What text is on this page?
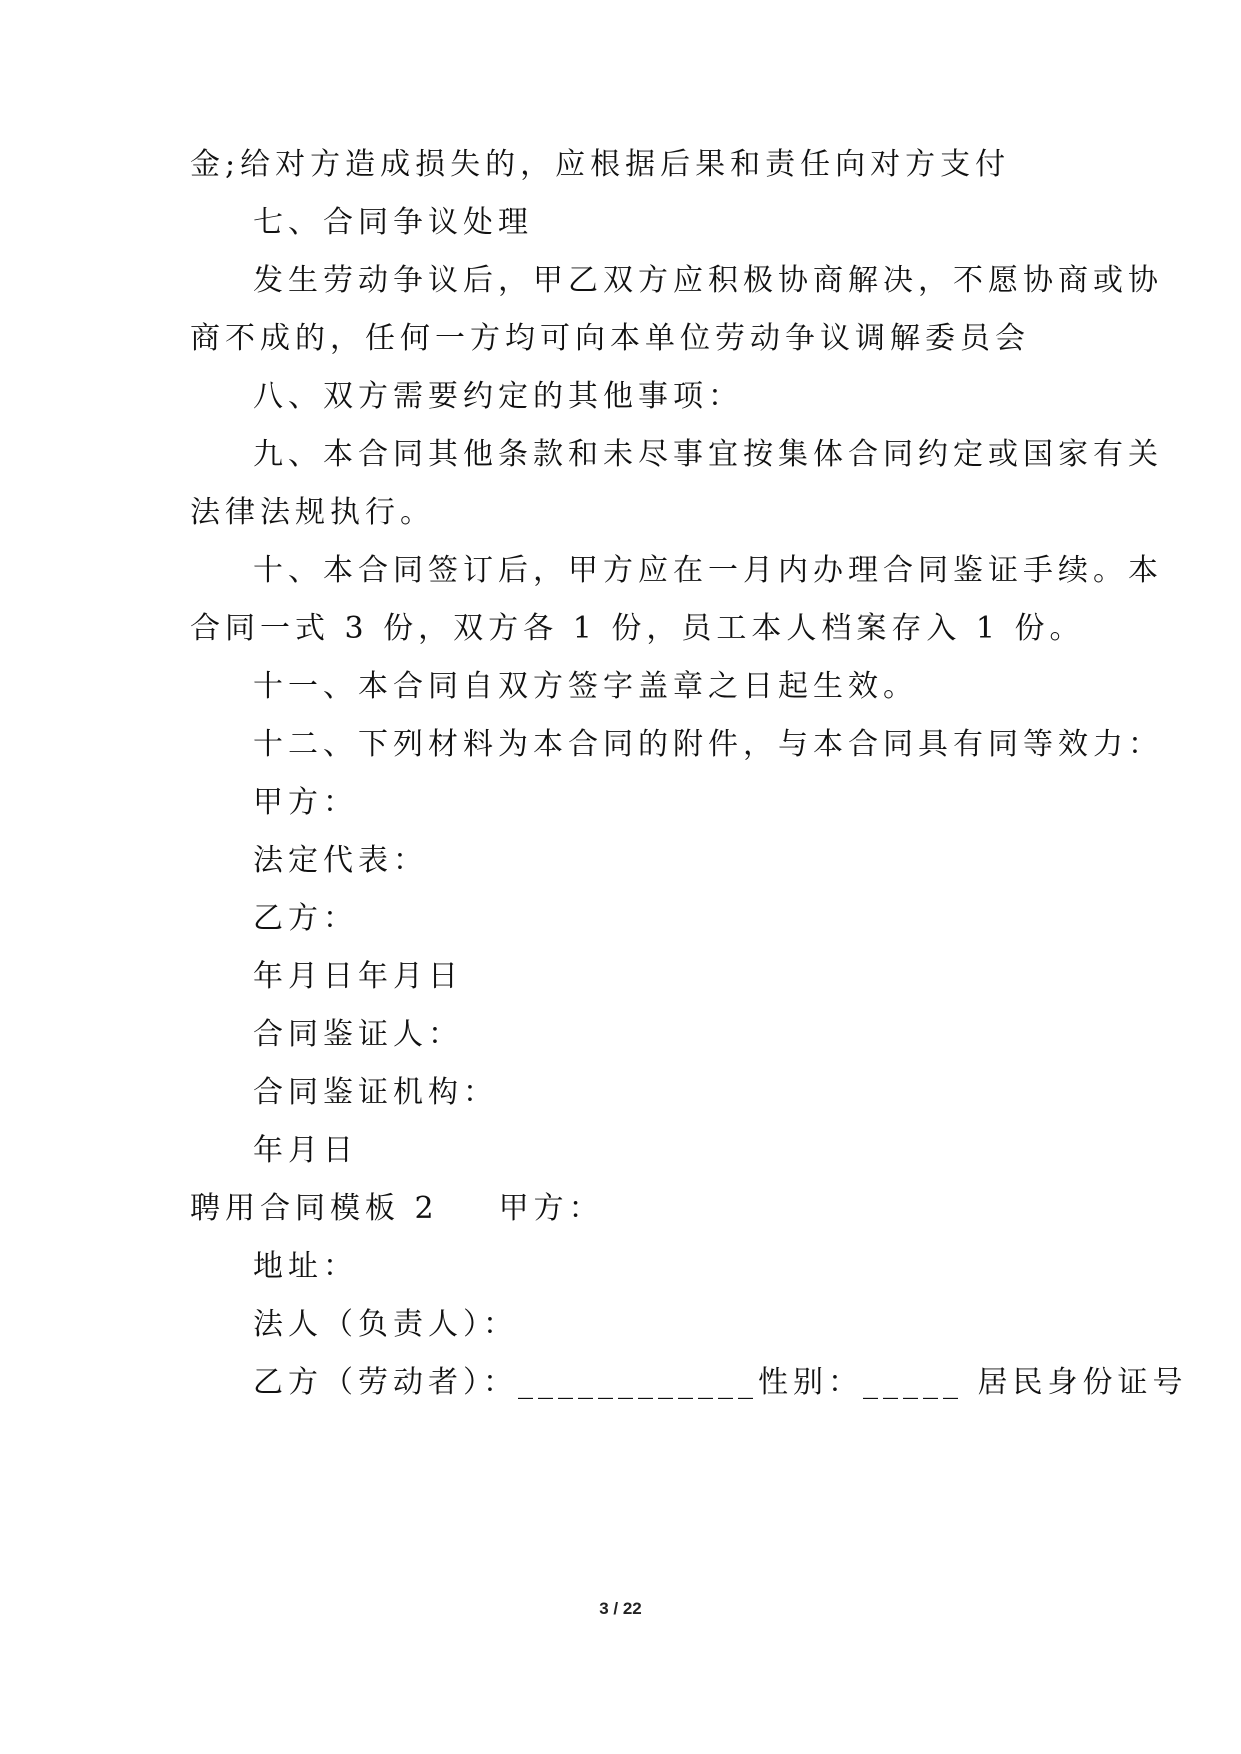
金;给对方造成损失的，应根据后果和责任向对方支付
七、合同争议处理
发生劳动争议后，甲乙双方应积极协商解决，不愿协商或协
商不成的，任何一方均可向本单位劳动争议调解委员会
八、双方需要约定的其他事项：
九、本合同其他条款和未尽事宜按集体合同约定或国家有关
法律法规执行。
十、本合同签订后，甲方应在一月内办理合同鉴证手续。本
合同一式 3 份，双方各 1 份，员工本人档案存入 1 份。
十一、本合同自双方签字盖章之日起生效。
十二、下列材料为本合同的附件，与本合同具有同等效力：
甲方：
法定代表：
乙方：
年月日年月日
合同鉴证人：
合同鉴证机构：
年月日
聘用合同模板 2 甲方：
地址：
法人（负责人）：
乙方（劳动者）：____________性别：_____ 居民身份证号
3 / 22
